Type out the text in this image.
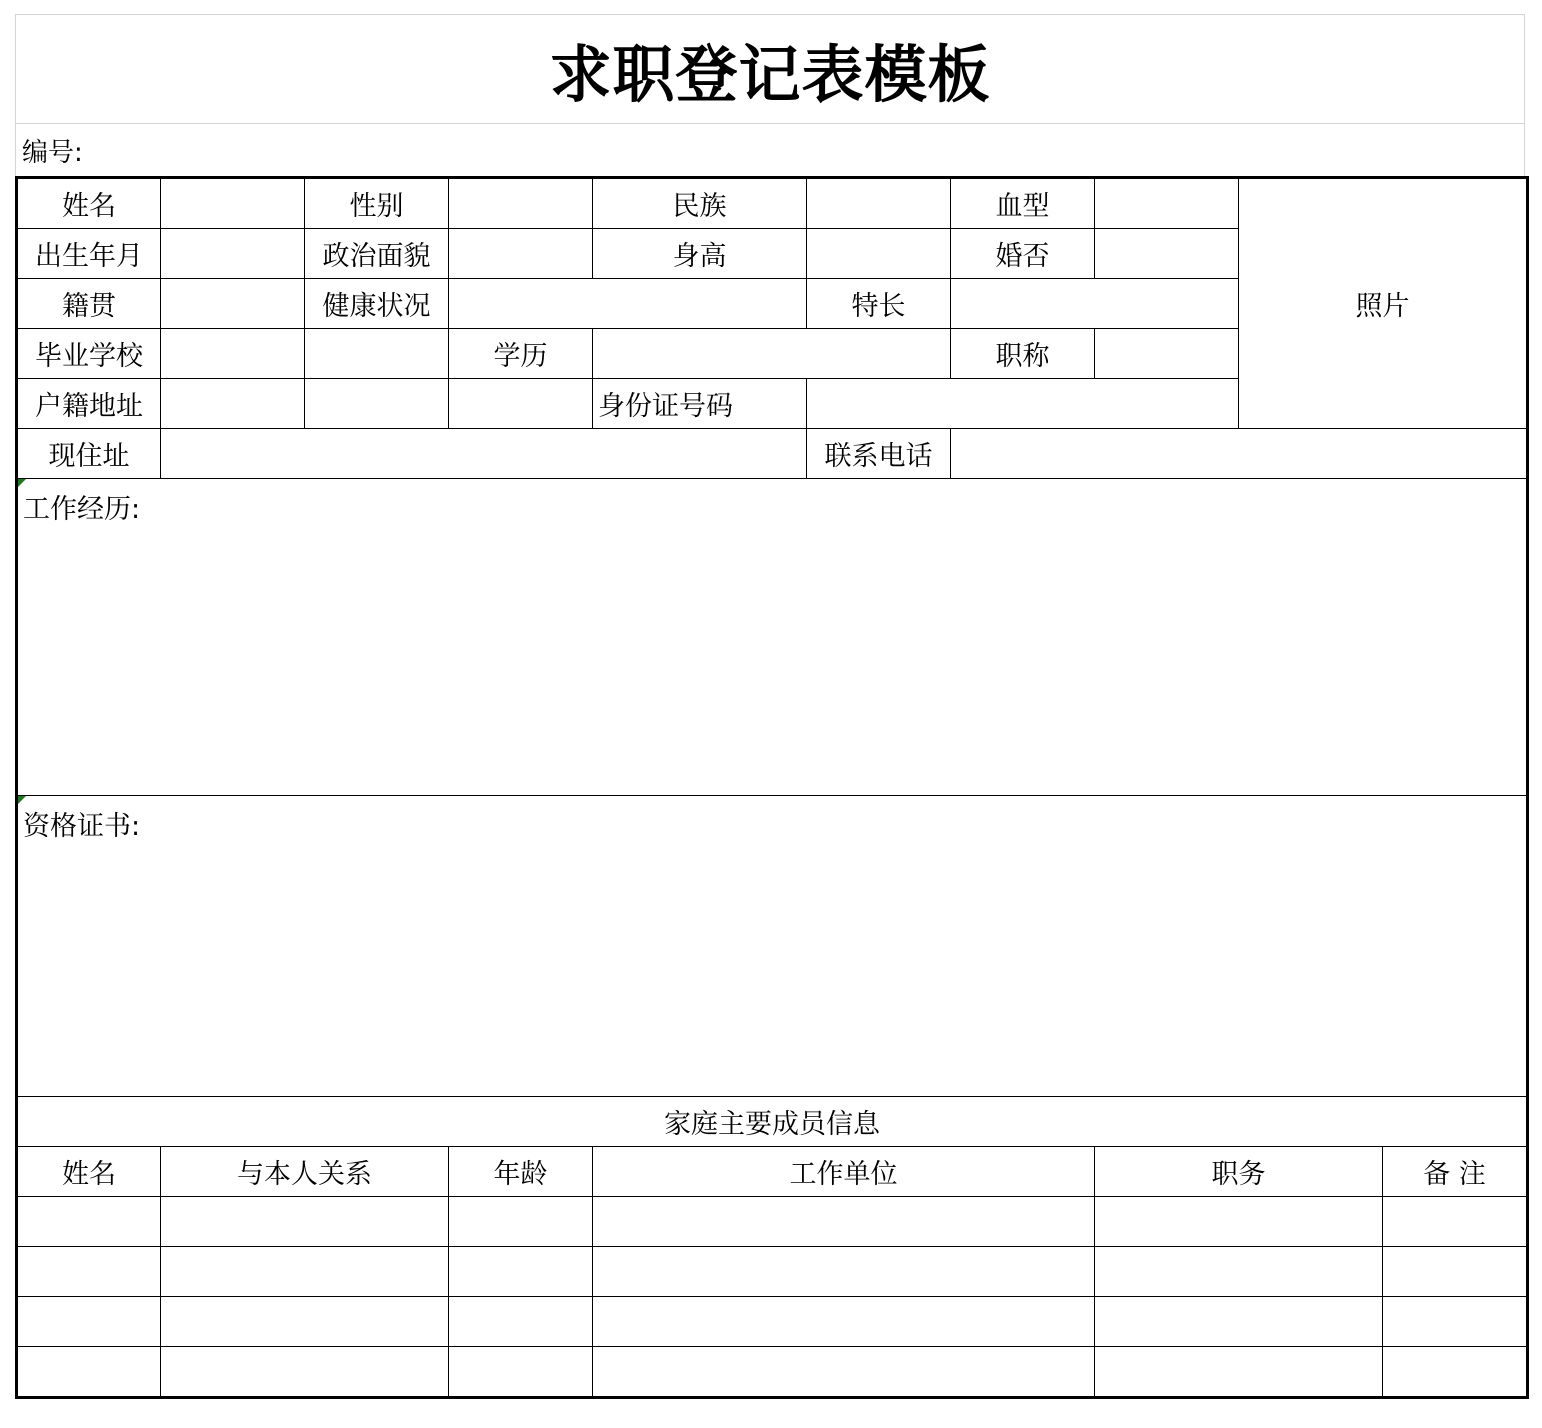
求职登记表模板
编号:
姓名		性别		民族		血型		照片	
出生年月		政治面貌		身高		婚否			
籍贯		健康状况			特长				
毕业学校			学历			职称			
户籍地址				身份证号码					
现住址					联系电话				

工作经历:									

资格证书:									
家庭主要成员信息									
姓名	与本人关系		年龄	工作单位			职务		备 注
